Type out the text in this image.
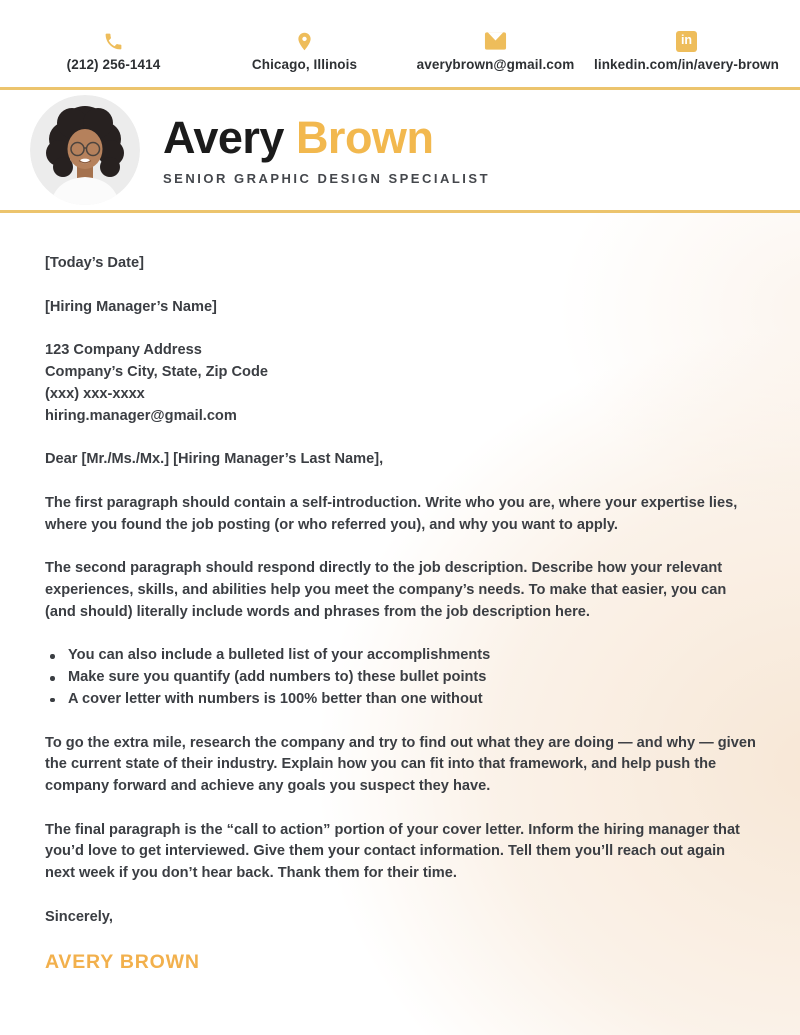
(212) 256-1414	Chicago, Illinois	averybrown@gmail.com
in
linkedin.com/in/avery-brown
Avery Brown
SENIOR GRAPHIC DESIGN SPECIALIST

[Today’s Date]

[Hiring Manager’s Name]

123 Company Address
Company’s City, State, Zip Code
(xxx) xxx-xxxx
hiring.manager@gmail.com

Dear [Mr./Ms./Mx.] [Hiring Manager’s Last Name],

The first paragraph should contain a self-introduction. Write who you are, where your expertise lies, where you found the job posting (or who referred you), and why you want to apply.

The second paragraph should respond directly to the job description. Describe how your relevant experiences, skills, and abilities help you meet the company’s needs. To make that easier, you can (and should) literally include words and phrases from the job description here.

You can also include a bulleted list of your accomplishments
Make sure you quantify (add numbers to) these bullet points
A cover letter with numbers is 100% better than one without

To go the extra mile, research the company and try to find out what they are doing — and why — given the current state of their industry. Explain how you can fit into that framework, and help push the company forward and achieve any goals you suspect they have.

The final paragraph is the “call to action” portion of your cover letter. Inform the hiring manager that you’d love to get interviewed. Give them your contact information. Tell them you’ll reach out again next week if you don’t hear back. Thank them for their time.

Sincerely,

AVERY BROWN
